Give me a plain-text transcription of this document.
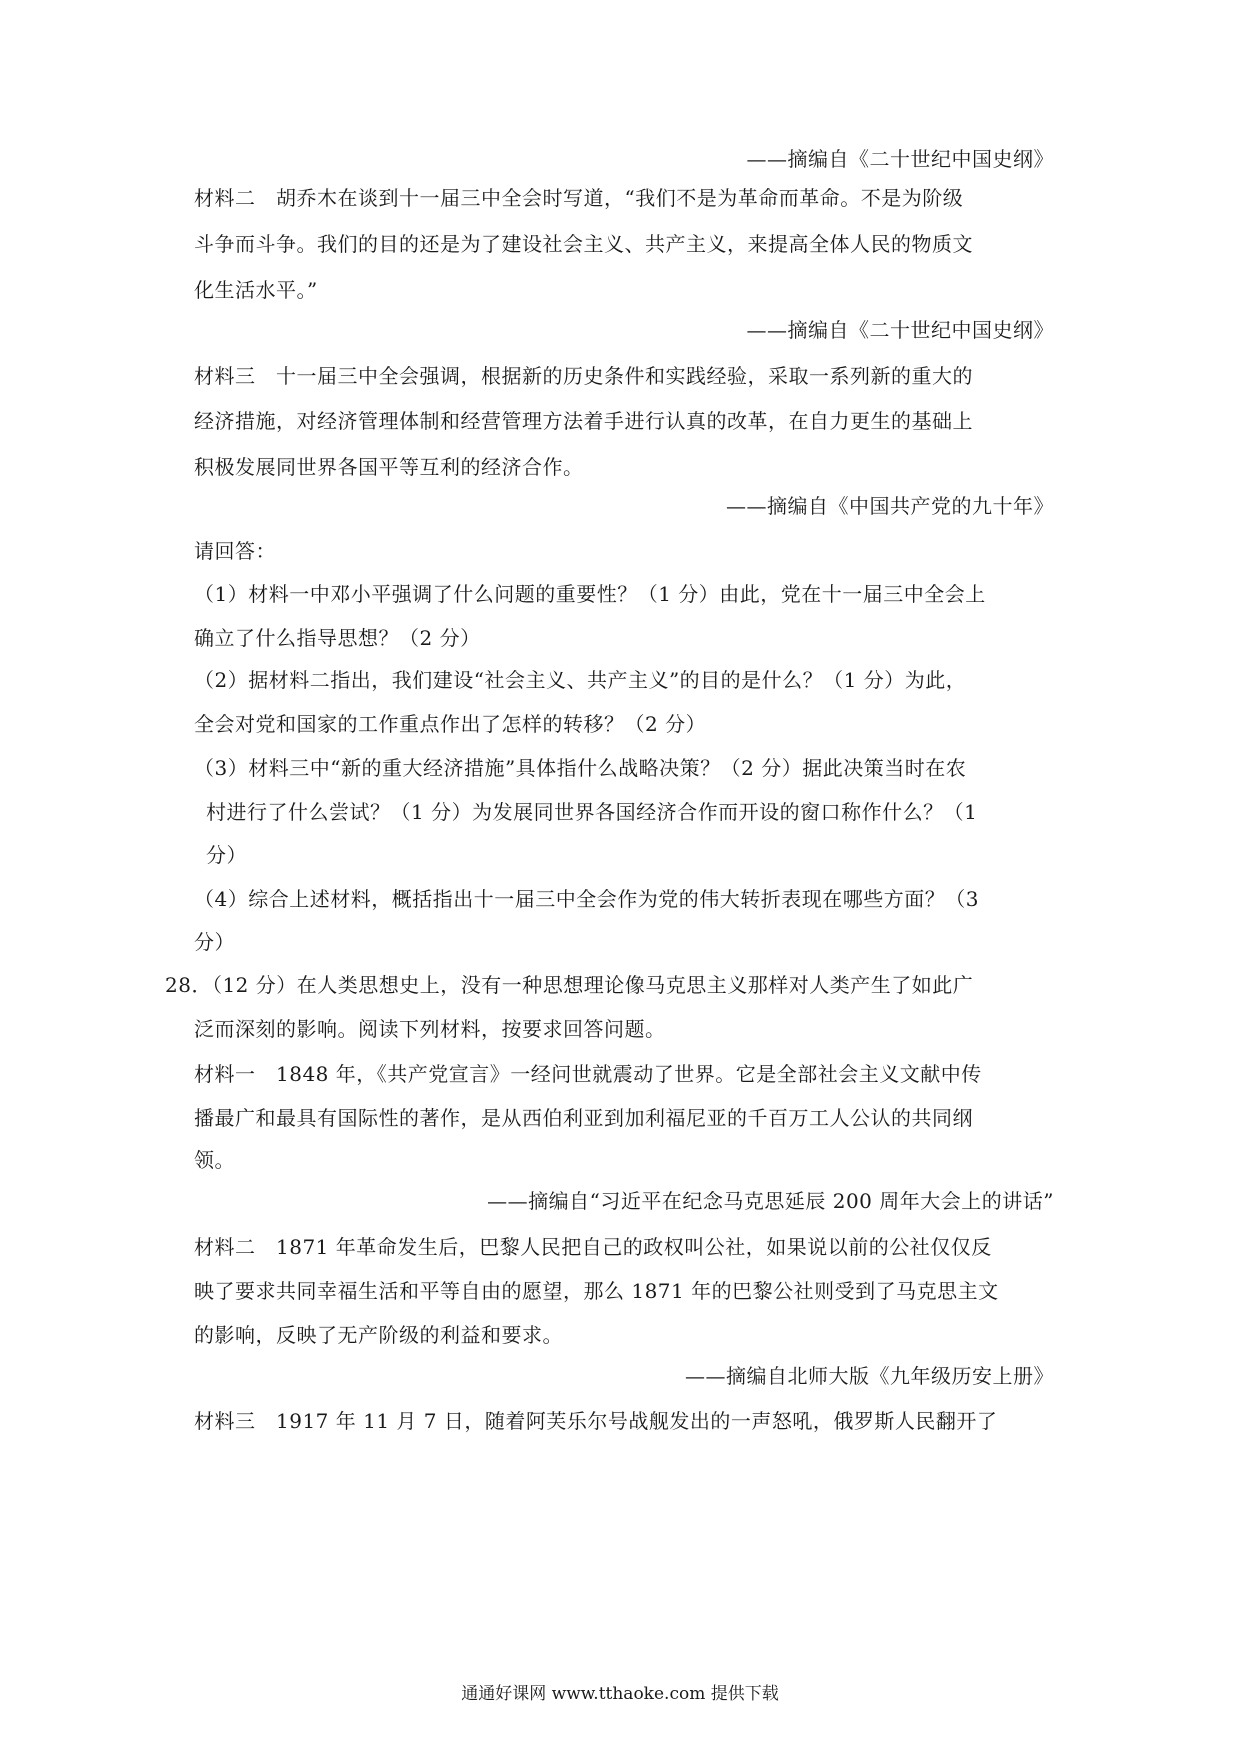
——摘编自《二十世纪中国史纲》
材料二　胡乔木在谈到十一届三中全会时写道，“我们不是为革命而革命。不是为阶级
斗争而斗争。我们的目的还是为了建设社会主义、共产主义，来提高全体人民的物质文
化生活水平。”
——摘编自《二十世纪中国史纲》
材料三　十一届三中全会强调，根据新的历史条件和实践经验，采取一系列新的重大的
经济措施，对经济管理体制和经营管理方法着手进行认真的改革，在自力更生的基础上
积极发展同世界各国平等互利的经济合作。
——摘编自《中国共产党的九十年》
请回答：
（1）材料一中邓小平强调了什么问题的重要性？（1 分）由此，党在十一届三中全会上
确立了什么指导思想？（2 分）
（2）据材料二指出，我们建设“社会主义、共产主义”的目的是什么？（1 分）为此，
全会对党和国家的工作重点作出了怎样的转移？（2 分）
（3）材料三中“新的重大经济措施”具体指什么战略决策？（2 分）据此决策当时在农
村进行了什么尝试？（1 分）为发展同世界各国经济合作而开设的窗口称作什么？（1
分）
（4）综合上述材料，概括指出十一届三中全会作为党的伟大转折表现在哪些方面？（3
分）
28．（12 分）在人类思想史上，没有一种思想理论像马克思主义那样对人类产生了如此广
泛而深刻的影响。阅读下列材料，按要求回答问题。
材料一　1848 年，《共产党宣言》一经问世就震动了世界。它是全部社会主义文献中传
播最广和最具有国际性的著作，是从西伯利亚到加利福尼亚的千百万工人公认的共同纲
领。
——摘编自“习近平在纪念马克思延辰 200 周年大会上的讲话”
材料二　1871 年革命发生后，巴黎人民把自己的政权叫公社，如果说以前的公社仅仅反
映了要求共同幸福生活和平等自由的愿望，那么 1871 年的巴黎公社则受到了马克思主文
的影响，反映了无产阶级的利益和要求。
——摘编自北师大版《九年级历安上册》
材料三　1917 年 11 月 7 日，随着阿芙乐尔号战舰发出的一声怒吼，俄罗斯人民翻开了
通通好课网 www.tthaoke.com 提供下载
